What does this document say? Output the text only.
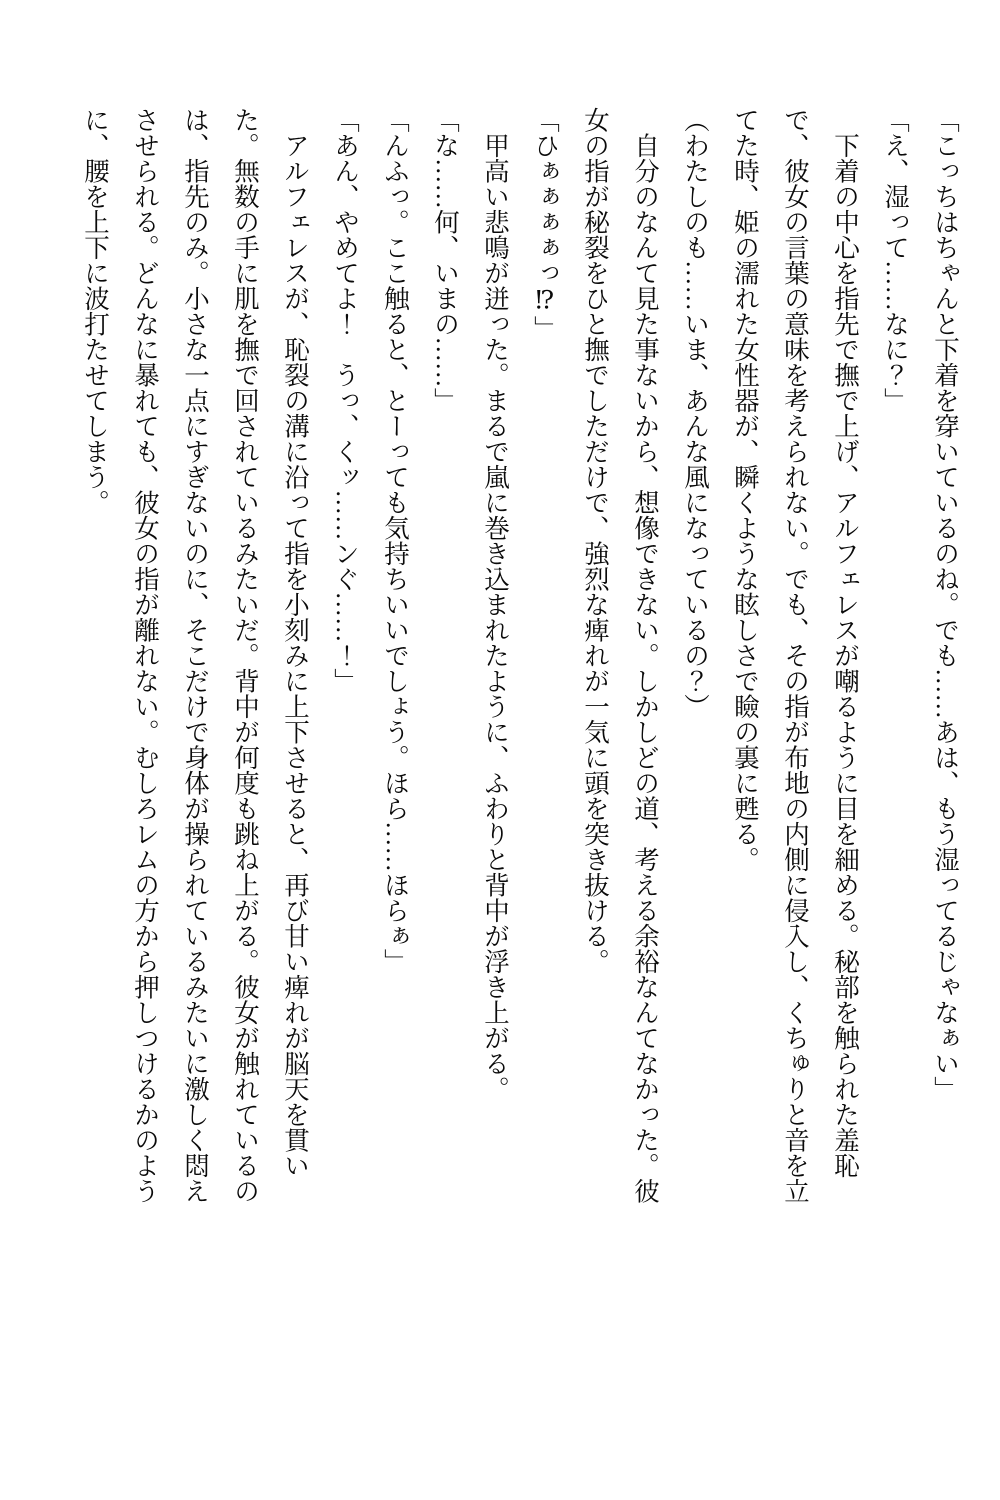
「こっちはちゃんと下着を穿いているのね。でも……あは、もう湿ってるじゃなぁい」
「え、湿って……なに？」
　下着の中心を指先で撫で上げ、アルフェレスが嘲るように目を細める。秘部を触られた羞恥
で、彼女の言葉の意味を考えられない。でも、その指が布地の内側に侵入し、くちゅりと音を立
てた時、姫の濡れた女性器が、瞬くような眩しさで瞼の裏に甦る。
（わたしのも……いま、あんな風になっているの？）
　自分のなんて見た事ないから、想像できない。しかしどの道、考える余裕なんてなかった。彼
女の指が秘裂をひと撫でしただけで、強烈な痺れが一気に頭を突き抜ける。
「ひぁぁぁぁっ⁉」
　甲高い悲鳴が迸った。まるで嵐に巻き込まれたように、ふわりと背中が浮き上がる。
「な……何、いまの……」
「んふっ。ここ触ると、とーっても気持ちいいでしょう。ほら……ほらぁ」
「あん、やめてよ！　うっ、くッ……ンぐ……！」
　アルフェレスが、恥裂の溝に沿って指を小刻みに上下させると、再び甘い痺れが脳天を貫い
た。無数の手に肌を撫で回されているみたいだ。背中が何度も跳ね上がる。彼女が触れているの
は、指先のみ。小さな一点にすぎないのに、そこだけで身体が操られているみたいに激しく悶え
させられる。どんなに暴れても、彼女の指が離れない。むしろレムの方から押しつけるかのよう
に、腰を上下に波打たせてしまう。
